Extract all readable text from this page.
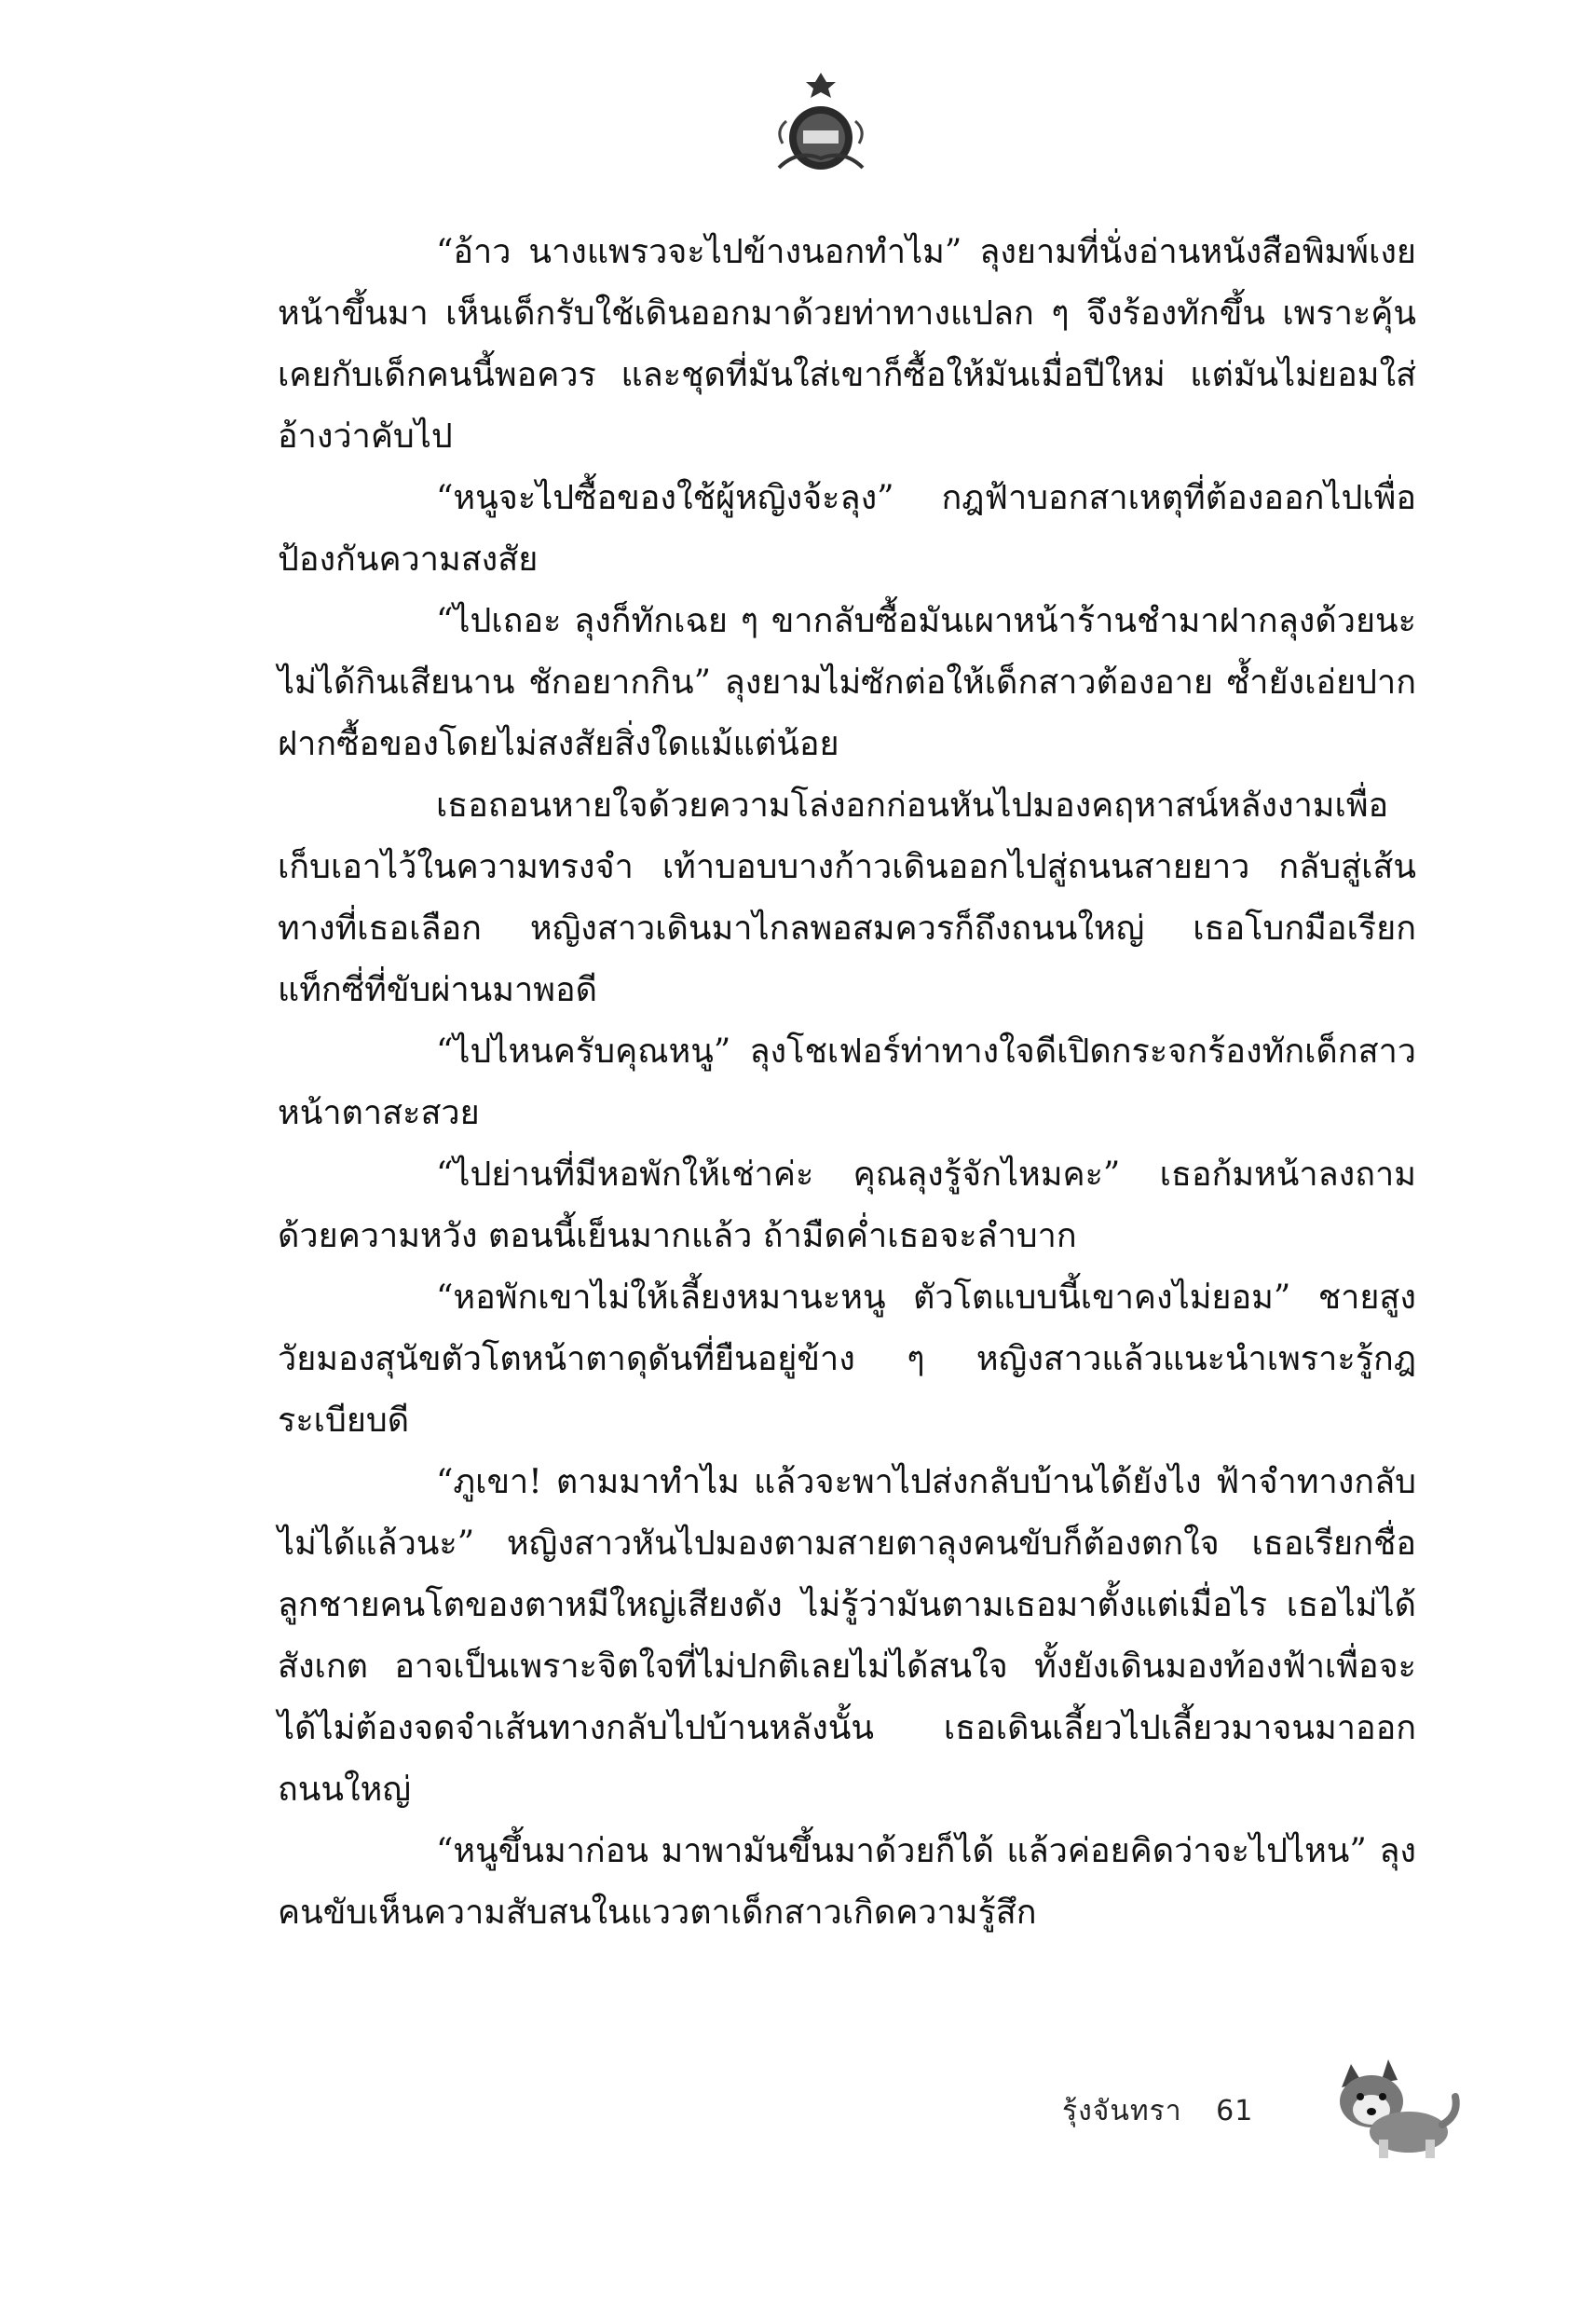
“อ้าว นางแพรวจะไปข้างนอกทำไม” ลุงยามที่นั่งอ่านหนังสือพิมพ์เงยหน้าขึ้นมา เห็นเด็กรับใช้เดินออกมาด้วยท่าทางแปลก ๆ จึงร้องทักขึ้น เพราะคุ้นเคยกับเด็กคนนี้พอควร และชุดที่มันใส่เขาก็ซื้อให้มันเมื่อปีใหม่ แต่มันไม่ยอมใส่ อ้างว่าคับไป

“หนูจะไปซื้อของใช้ผู้หญิงจ้ะลุง” กฎฟ้าบอกสาเหตุที่ต้องออกไปเพื่อป้องกันความสงสัย

“ไปเถอะ ลุงก็ทักเฉย ๆ ขากลับซื้อมันเผาหน้าร้านชำมาฝากลุงด้วยนะ ไม่ได้กินเสียนาน ชักอยากกิน” ลุงยามไม่ซักต่อให้เด็กสาวต้องอาย ซ้ำยังเอ่ยปากฝากซื้อของโดยไม่สงสัยสิ่งใดแม้แต่น้อย

เธอถอนหายใจด้วยความโล่งอกก่อนหันไปมองคฤหาสน์หลังงามเพื่อเก็บเอาไว้ในความทรงจำ เท้าบอบบางก้าวเดินออกไปสู่ถนนสายยาว กลับสู่เส้นทางที่เธอเลือก หญิงสาวเดินมาไกลพอสมควรก็ถึงถนนใหญ่ เธอโบกมือเรียกแท็กซี่ที่ขับผ่านมาพอดี

“ไปไหนครับคุณหนู” ลุงโชเฟอร์ท่าทางใจดีเปิดกระจกร้องทักเด็กสาวหน้าตาสะสวย

“ไปย่านที่มีหอพักให้เช่าค่ะ คุณลุงรู้จักไหมคะ” เธอก้มหน้าลงถามด้วยความหวัง ตอนนี้เย็นมากแล้ว ถ้ามืดค่ำเธอจะลำบาก

“หอพักเขาไม่ให้เลี้ยงหมานะหนู ตัวโตแบบนี้เขาคงไม่ยอม” ชายสูงวัยมองสุนัขตัวโตหน้าตาดุดันที่ยืนอยู่ข้าง ๆ หญิงสาวแล้วแนะนำเพราะรู้กฎระเบียบดี

“ภูเขา! ตามมาทำไม แล้วจะพาไปส่งกลับบ้านได้ยังไง ฟ้าจำทางกลับไม่ได้แล้วนะ” หญิงสาวหันไปมองตามสายตาลุงคนขับก็ต้องตกใจ เธอเรียกชื่อลูกชายคนโตของตาหมีใหญ่เสียงดัง ไม่รู้ว่ามันตามเธอมาตั้งแต่เมื่อไร เธอไม่ได้สังเกต อาจเป็นเพราะจิตใจที่ไม่ปกติเลยไม่ได้สนใจ ทั้งยังเดินมองท้องฟ้าเพื่อจะได้ไม่ต้องจดจำเส้นทางกลับไปบ้านหลังนั้น เธอเดินเลี้ยวไปเลี้ยวมาจนมาออกถนนใหญ่

“หนูขึ้นมาก่อน มาพามันขึ้นมาด้วยก็ได้ แล้วค่อยคิดว่าจะไปไหน” ลุงคนขับเห็นความสับสนในแววตาเด็กสาวเกิดความรู้สึก

รุ้งจันทรา 61
